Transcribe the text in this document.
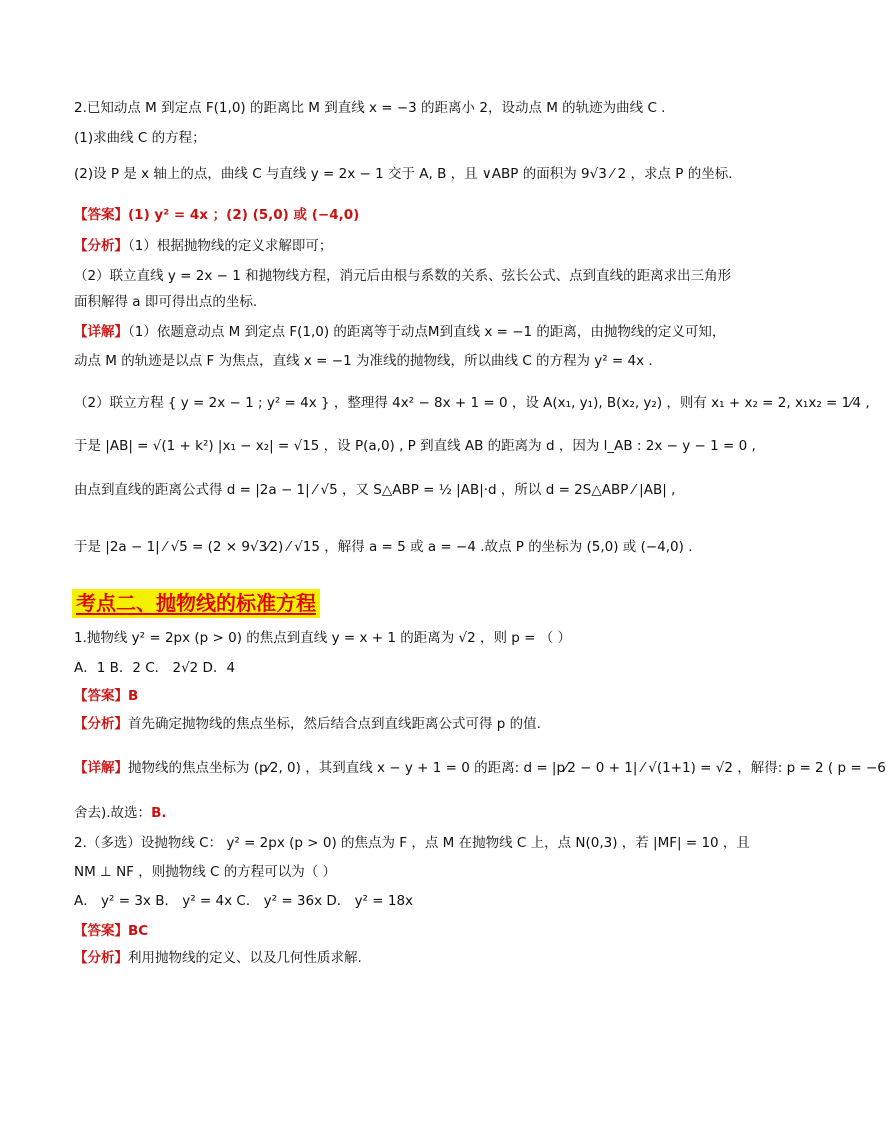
2.已知动点 M 到定点 F(1,0) 的距离比 M 到直线 x = −3 的距离小 2，设动点 M 的轨迹为曲线 C .
(1)求曲线 C 的方程；
(2)设 P 是 x 轴上的点，曲线 C 与直线 y = 2x − 1 交于 A, B ，且 ∨ABP 的面积为 9√3 ⁄ 2 ，求点 P 的坐标.
【答案】(1) y² = 4x ；(2) (5,0) 或 (−4,0)
【分析】（1）根据抛物线的定义求解即可；
（2）联立直线 y = 2x − 1 和抛物线方程，消元后由根与系数的关系、弦长公式、点到直线的距离求出三角形
面积解得 a 即可得出点的坐标.
【详解】（1）依题意动点 M 到定点 F(1,0) 的距离等于动点M到直线 x = −1 的距离，由抛物线的定义可知，
动点 M 的轨迹是以点 F 为焦点，直线 x = −1 为准线的抛物线，所以曲线 C 的方程为 y² = 4x .
（2）联立方程 { y = 2x − 1 ; y² = 4x } ，整理得 4x² − 8x + 1 = 0 ，设 A(x₁, y₁), B(x₂, y₂) ，则有 x₁ + x₂ = 2, x₁x₂ = 1⁄4 ,
于是 |AB| = √(1 + k²) |x₁ − x₂| = √15 ，设 P(a,0) , P 到直线 AB 的距离为 d ，因为 l_AB : 2x − y − 1 = 0 ,
由点到直线的距离公式得 d = |2a − 1| ⁄ √5 ，又 S△ABP = ½ |AB|·d ，所以 d = 2S△ABP ⁄ |AB| ,
于是 |2a − 1| ⁄ √5 = (2 × 9√3⁄2) ⁄ √15 ，解得 a = 5 或 a = −4 .故点 P 的坐标为 (5,0) 或 (−4,0) .
考点二、抛物线的标准方程
1.抛物线 y² = 2px (p > 0) 的焦点到直线 y = x + 1 的距离为 √2 ，则 p = （ ）
A．1 B．2 C． 2√2 D．4
【答案】B
【分析】首先确定抛物线的焦点坐标，然后结合点到直线距离公式可得 p 的值.
【详解】抛物线的焦点坐标为 (p⁄2, 0) ，其到直线 x − y + 1 = 0 的距离: d = |p⁄2 − 0 + 1| ⁄ √(1+1) = √2 ，解得: p = 2 ( p = −6
舍去).故选：B.
2.（多选）设抛物线 C： y² = 2px (p > 0) 的焦点为 F ，点 M 在抛物线 C 上，点 N(0,3) ，若 |MF| = 10 ，且
NM ⊥ NF ，则抛物线 C 的方程可以为（ ）
A． y² = 3x B． y² = 4x C． y² = 36x D． y² = 18x
【答案】BC
【分析】利用抛物线的定义、以及几何性质求解.
